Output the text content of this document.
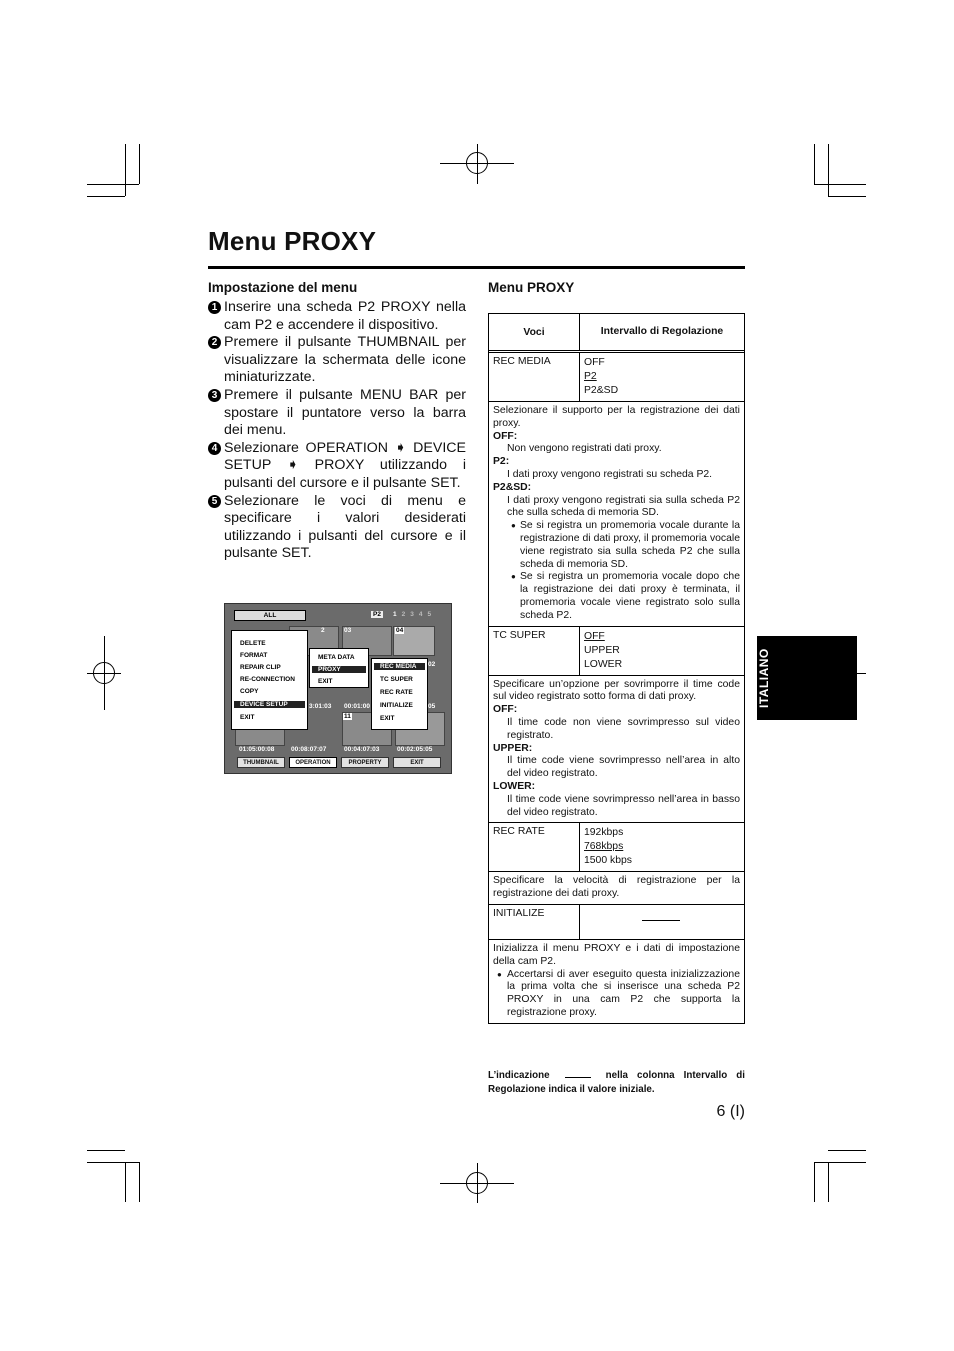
Menu PROXY
Impostazione del menu

1 Inserire una scheda P2 PROXY nella cam P2 e accendere il dispositivo.

2 Premere il pulsante THUMBNAIL per visualizzare la schermata delle icone miniaturizzate.

3 Premere il pulsante MENU BAR per spostare il puntatore verso la barra dei menu.

4 Selezionare OPERATION ➧ DEVICE SETUP ➧ PROXY utilizzando i pulsanti del cursore e il pulsante SET.

5 Selezionare le voci di menu e specificare i valori desiderati utilizzando i pulsanti del cursore e il pulsante SET.

ALL	P2	1 2 3 4 5
2	03	04
02
05
11
3:01:03 00:01:00
01:05:00:08	00:08:07:07	00:04:07:03	00:02:05:05
DELETE
FORMAT
REPAIR CLIP
RE-CONNECTION
COPY
DEVICE SETUP
EXIT
META DATA
PROXY
EXIT
REC MEDIA
TC SUPER
REC RATE
INITIALIZE
EXIT
THUMBNAIL	OPERATION	PROPERTY	EXIT
Menu PROXY
Voci	Intervallo di Regolazione
REC MEDIA	OFF
P2
P2&SD
Selezionare il supporto per la registrazione dei dati proxy.
OFF:
Non vengono registrati dati proxy.
P2:
I dati proxy vengono registrati su scheda P2.
P2&SD:
I dati proxy vengono registrati sia sulla scheda P2 che sulla scheda di memoria SD.
● Se si registra un promemoria vocale durante la registrazione di dati proxy, il promemoria vocale viene registrato sia sulla scheda P2 che sulla scheda di memoria SD.
● Se si registra un promemoria vocale dopo che la registrazione dei dati proxy è terminata, il promemoria vocale viene registrato solo sulla scheda P2.
TC SUPER	OFF
UPPER
LOWER
Specificare un’opzione per sovrimporre il time code sul video registrato sotto forma di dati proxy.
OFF:
Il time code non viene sovrimpresso sul video registrato.
UPPER:
Il time code viene sovrimpresso nell’area in alto del video registrato.
LOWER:
Il time code viene sovrimpresso nell’area in basso del video registrato.
REC RATE	192kbps
768kbps
1500 kbps
Specificare la velocità di registrazione per la registrazione dei dati proxy.
INITIALIZE
Inizializza il menu PROXY e i dati di impostazione della cam P2.
● Accertarsi di aver eseguito questa inizializzazione la prima volta che si inserisce una scheda P2 PROXY in una cam P2 che supporta la registrazione proxy.
L’indicazione	nella colonna Intervallo di Regolazione indica il valore iniziale.
6 (I)
ITALIANO
